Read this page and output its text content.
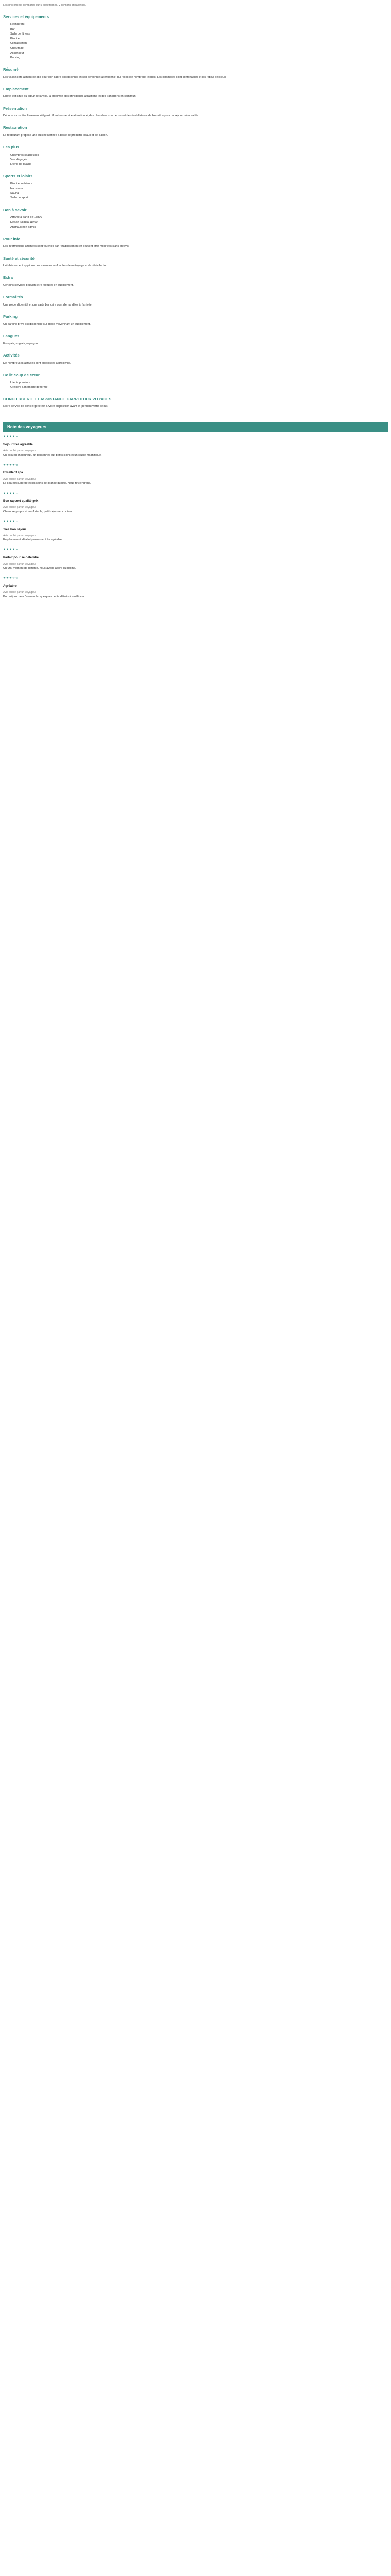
Les prix ont été comparés sur 5 plateformes, y compris Tripadvisor.
Services et équipements
• Restaurant
• Bar
• Salle de fitness
• Piscine
• Climatisation
• Chauffage
• Ascenseur
• Parking
Résumé

Les vacanciers aiment ce spa pour son cadre exceptionnel et son personnel attentionné, qui reçoit de nombreux éloges. Les chambres sont confortables et les repas délicieux.

Emplacement

L'hôtel est situé au cœur de la ville, à proximité des principales attractions et des transports en commun.

Présentation

Découvrez un établissement élégant offrant un service attentionné, des chambres spacieuses et des installations de bien-être pour un séjour mémorable.

Restauration

Le restaurant propose une cuisine raffinée à base de produits locaux et de saison.

Les plus
• Chambres spacieuses
• Vue dégagée
• Literie de qualité
Sports et loisirs
• Piscine intérieure
• Hammam
• Sauna
• Salle de sport
Bon à savoir
• Arrivée à partir de 15h00
• Départ jusqu'à 11h00
• Animaux non admis
Pour info

Les informations affichées sont fournies par l'établissement et peuvent être modifiées sans préavis.

Santé et sécurité

L'établissement applique des mesures renforcées de nettoyage et de désinfection.

Extra

Certains services peuvent être facturés en supplément.

Formalités

Une pièce d'identité et une carte bancaire sont demandées à l'arrivée.

Parking

Un parking privé est disponible sur place moyennant un supplément.

Langues

Français, anglais, espagnol.

Activités

De nombreuses activités sont proposées à proximité.

Ce lit coup de cœur
• Literie premium
• Oreillers à mémoire de forme
CONCIERGERIE ET ASSISTANCE CARREFOUR VOYAGES

Notre service de conciergerie est à votre disposition avant et pendant votre séjour.

Note des voyageurs
★★★★★
Séjour très agréable
Avis publié par un voyageur

Un accueil chaleureux, un personnel aux petits soins et un cadre magnifique.

★★★★★
Excellent spa
Avis publié par un voyageur

Le spa est superbe et les soins de grande qualité. Nous reviendrons.

★★★★☆
Bon rapport qualité-prix
Avis publié par un voyageur

Chambre propre et confortable, petit-déjeuner copieux.

★★★★☆
Très bon séjour
Avis publié par un voyageur

Emplacement idéal et personnel très agréable.

★★★★★
Parfait pour se détendre
Avis publié par un voyageur

Un vrai moment de détente, nous avons adoré la piscine.

★★★☆☆
Agréable
Avis publié par un voyageur

Bon séjour dans l'ensemble, quelques petits détails à améliorer.
